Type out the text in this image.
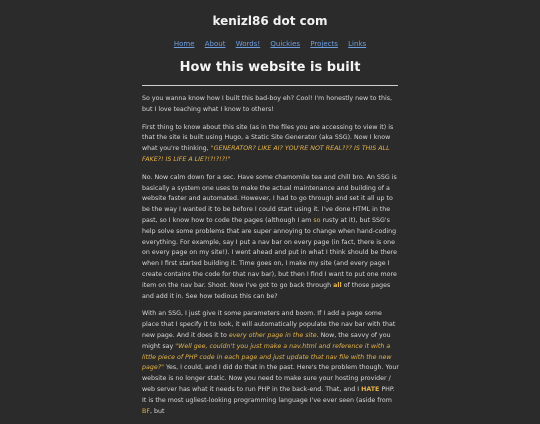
kenizl86 dot com
Home About Words! Quickies Projects Links
How this website is built

So you wanna know how I built this bad-boy eh? Cool! I'm honestly new to this, but I love teaching what I know to others!

First thing to know about this site (as in the files you are accessing to view it) is that the site is built using Hugo, a Static Site Generator (aka SSG). Now I know what you're thinking, "GENERATOR? LIKE AI? YOU'RE NOT REAL??? IS THIS ALL FAKE?! IS LIFE A LIE?!?!?!?!"

No. Now calm down for a sec. Have some chamomile tea and chill bro. An SSG is basically a system one uses to make the actual maintenance and building of a website faster and automated. However, I had to go through and set it all up to be the way I wanted it to be before I could start using it. I've done HTML in the past, so I know how to code the pages (although I am so rusty at it), but SSG's help solve some problems that are super annoying to change when hand-coding everything. For example, say I put a nav bar on every page (in fact, there is one on every page on my site!). I went ahead and put in what I think should be there when I first started building it. Time goes on, I make my site (and every page I create contains the code for that nav bar), but then I find I want to put one more item on the nav bar. Shoot. Now I've got to go back through all of those pages and add it in. See how tedious this can be?

With an SSG, I just give it some parameters and boom. If I add a page some place that I specify it to look, it will automatically populate the nav bar with that new page. And it does it to every other page in the site. Now, the savvy of you might say "Well gee, couldn't you just make a nav.html and reference it with a little piece of PHP code in each page and just update that nav file with the new page?" Yes, I could, and I did do that in the past. Here's the problem though. Your website is no longer static. Now you need to make sure your hosting provider / web server has what it needs to run PHP in the back-end. That, and I HATE PHP. It is the most ugliest-looking programming language I've ever seen (aside from BF, but
